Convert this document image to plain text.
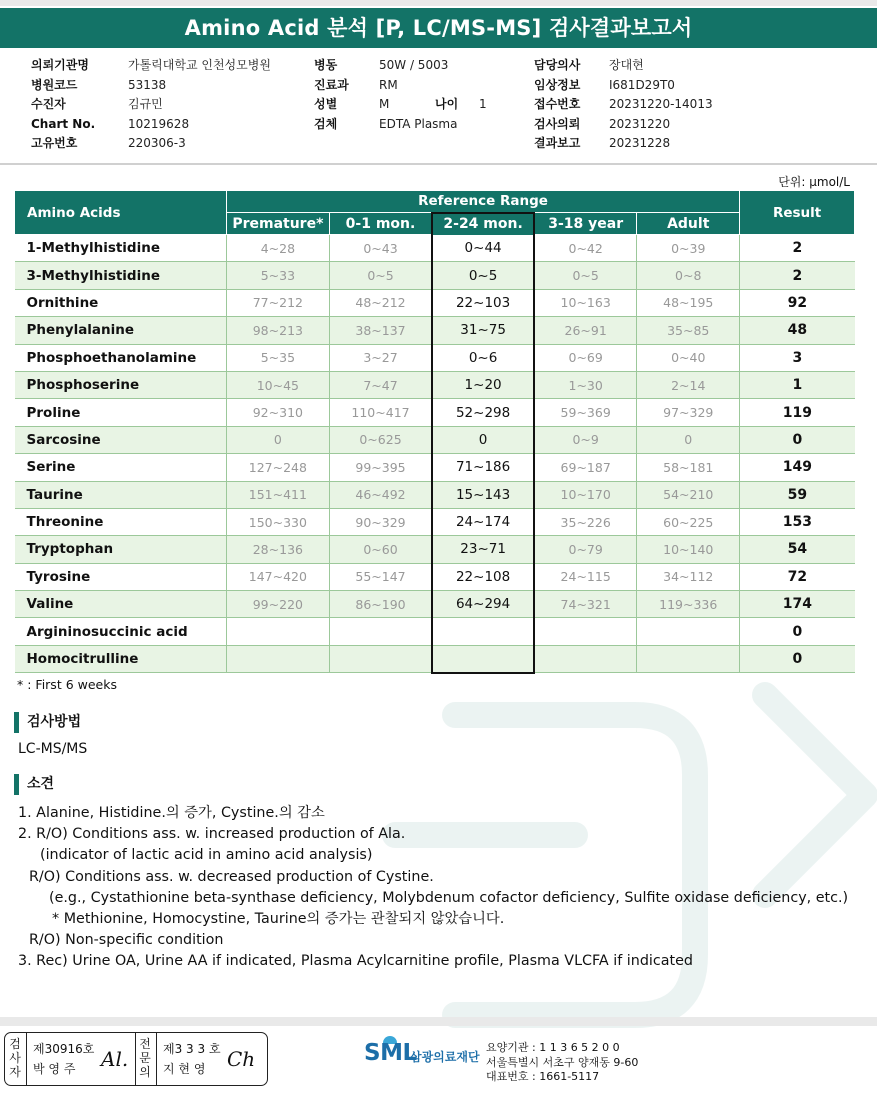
Amino Acid 분석 [P, LC/MS-MS] 검사결과보고서
의뢰기관명	가톨릭대학교 인천성모병원
병원코드	53138
수진자	김규민
Chart No.	10219628
고유번호	220306-3
병동	50W / 5003
진료과	RM
성별	M	나이 1
검체	EDTA Plasma
담당의사 장대현
임상정보 I681D29T0
접수번호 20231220-14013
검사의뢰 20231220
결과보고 20231228
단위: μmol/L
Amino Acids	Reference Range					Result
	Premature*	0-1 mon.	2-24 mon.	3-18 year	Adult	
1-Methylhistidine	4~28	0~43	0~44	0~42	0~39	2
3-Methylhistidine	5~33	0~5	0~5	0~5	0~8	2
Ornithine	77~212	48~212	22~103	10~163	48~195	92
Phenylalanine	98~213	38~137	31~75	26~91	35~85	48
Phosphoethanolamine	5~35	3~27	0~6	0~69	0~40	3
Phosphoserine	10~45	7~47	1~20	1~30	2~14	1
Proline	92~310	110~417	52~298	59~369	97~329	119
Sarcosine	0	0~625	0	0~9	0	0
Serine	127~248	99~395	71~186	69~187	58~181	149
Taurine	151~411	46~492	15~143	10~170	54~210	59
Threonine	150~330	90~329	24~174	35~226	60~225	153
Tryptophan	28~136	0~60	23~71	0~79	10~140	54
Tyrosine	147~420	55~147	22~108	24~115	34~112	72
Valine	99~220	86~190	64~294	74~321	119~336	174
Argininosuccinic acid						0
Homocitrulline						0
* : First 6 weeks
검사방법
LC-MS/MS
소견
1. Alanine, Histidine.의 증가, Cystine.의 감소
2. R/O) Conditions ass. w. increased production of Ala.
(indicator of lactic acid in amino acid analysis)
R/O) Conditions ass. w. decreased production of Cystine.
(e.g., Cystathionine beta-synthase deficiency, Molybdenum cofactor deficiency, Sulfite oxidase deficiency, etc.)
* Methionine, Homocystine, Taurine의 증가는 관찰되지 않았습니다.
R/O) Non-specific condition
3. Rec) Urine OA, Urine AA if indicated, Plasma Acylcarnitine profile, Plasma VLCFA if indicated
검
사
자
제30916호
박 영 주 Al.
전
문
의
제3 3 3 호
지 현 영 Ch	SML
삼광의료재단
요양기관 : 1 1 3 6 5 2 0 0
서울특별시 서초구 양재동 9-60
대표번호 : 1661-5117
